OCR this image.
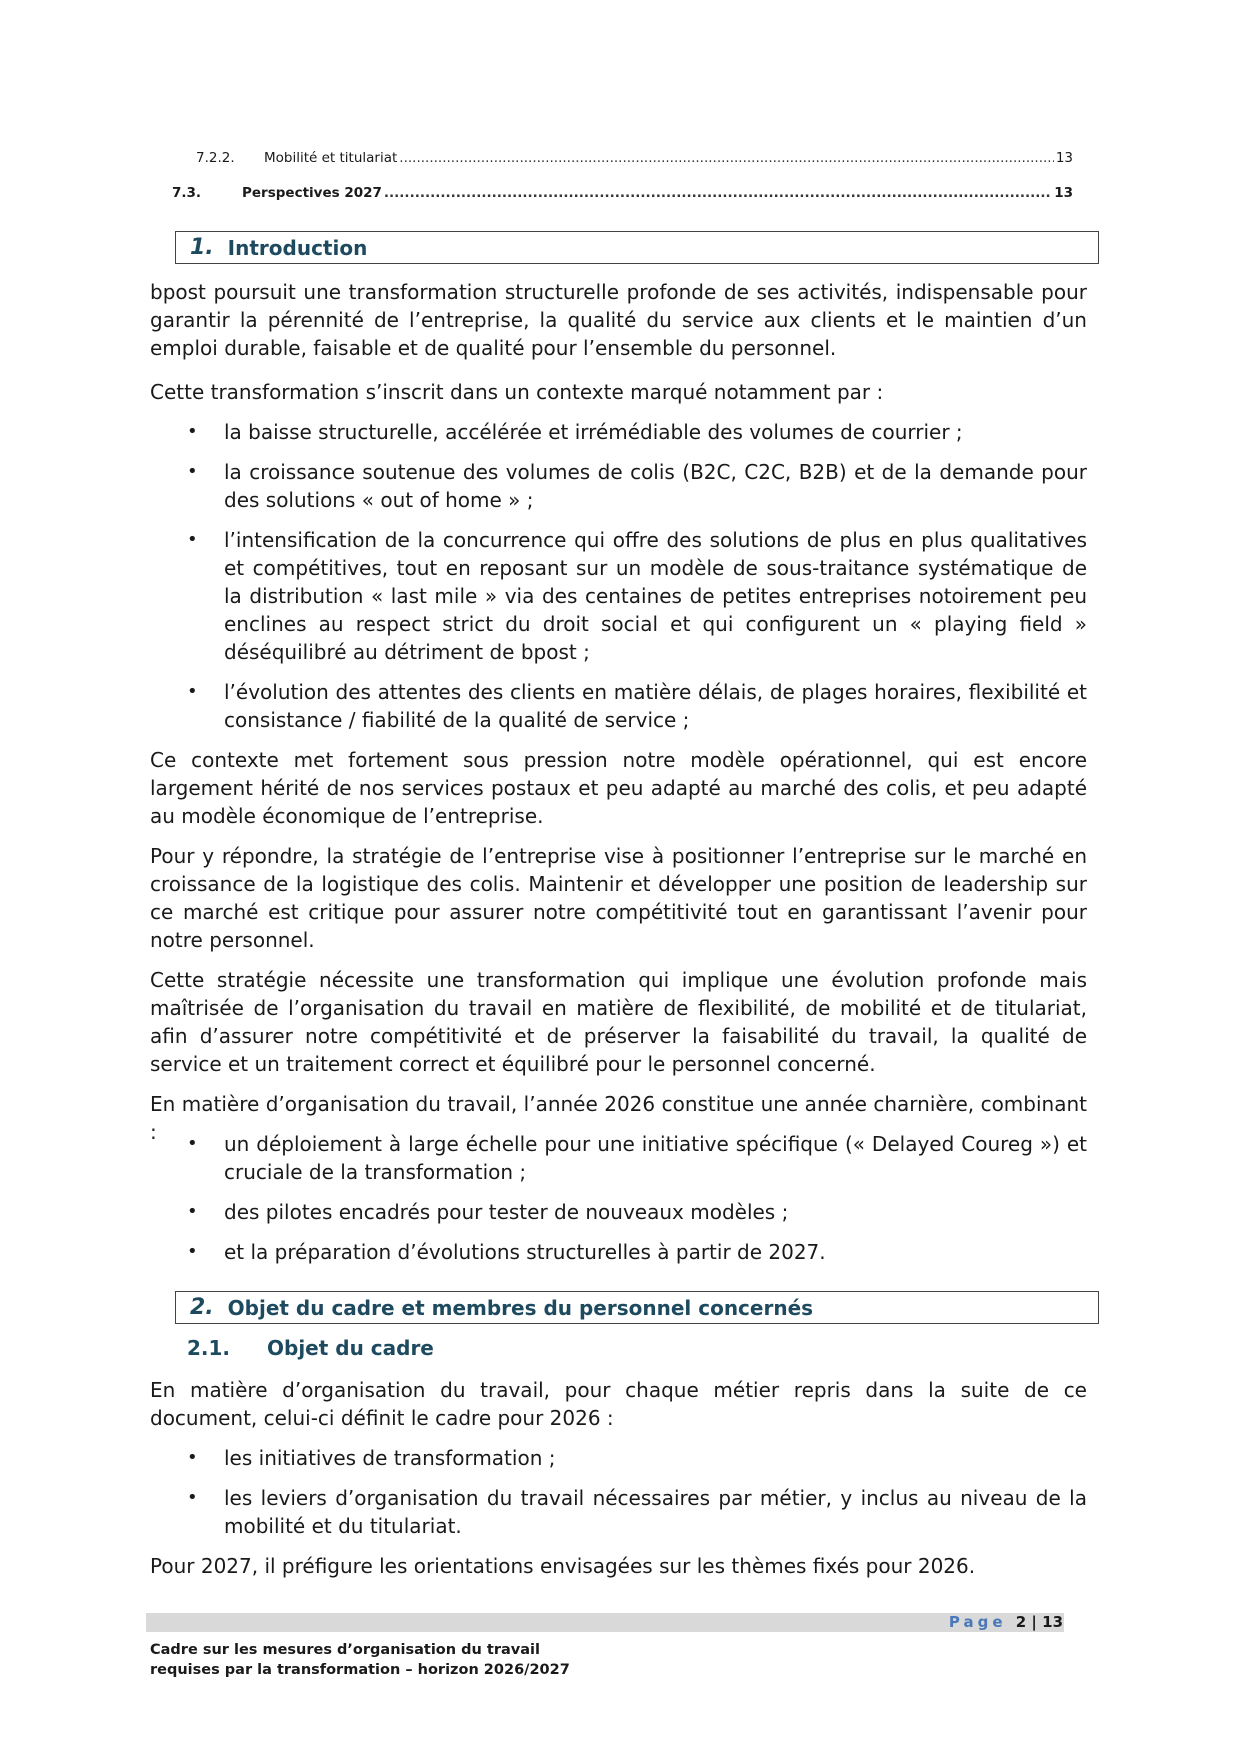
7.2.2.	Mobilité et titulariat .....	13
7.3.	Perspectives 2027 .....	13
1. Introduction

bpost poursuit une transformation structurelle profonde de ses activités, indispensable pour garantir la pérennité de l’entreprise, la qualité du service aux clients et le maintien d’un emploi durable, faisable et de qualité pour l’ensemble du personnel.

Cette transformation s’inscrit dans un contexte marqué notamment par :

• la baisse structurelle, accélérée et irrémédiable des volumes de courrier ;

• la croissance soutenue des volumes de colis (B2C, C2C, B2B) et de la demande pour des solutions « out of home » ;

• l’intensification de la concurrence qui offre des solutions de plus en plus qualitatives et compétitives, tout en reposant sur un modèle de sous-traitance systématique de la distribution « last mile » via des centaines de petites entreprises notoirement peu enclines au respect strict du droit social et qui configurent un « playing field » déséquilibré au détriment de bpost ;

• l’évolution des attentes des clients en matière délais, de plages horaires, flexibilité et consistance / fiabilité de la qualité de service ;

Ce contexte met fortement sous pression notre modèle opérationnel, qui est encore largement hérité de nos services postaux et peu adapté au marché des colis, et peu adapté au modèle économique de l’entreprise.

Pour y répondre, la stratégie de l’entreprise vise à positionner l’entreprise sur le marché en croissance de la logistique des colis. Maintenir et développer une position de leadership sur ce marché est critique pour assurer notre compétitivité tout en garantissant l’avenir pour notre personnel.

Cette stratégie nécessite une transformation qui implique une évolution profonde mais maîtrisée de l’organisation du travail en matière de flexibilité, de mobilité et de titulariat, afin d’assurer notre compétitivité et de préserver la faisabilité du travail, la qualité de service et un traitement correct et équilibré pour le personnel concerné.

En matière d’organisation du travail, l’année 2026 constitue une année charnière, combinant :	• un déploiement à large échelle pour une initiative spécifique (« Delayed Coureg ») et cruciale de la transformation ;

• des pilotes encadrés pour tester de nouveaux modèles ;

• et la préparation d’évolutions structurelles à partir de 2027.

2. Objet du cadre et membres du personnel concernés
2.1.	Objet du cadre

En matière d’organisation du travail, pour chaque métier repris dans la suite de ce document, celui-ci définit le cadre pour 2026 :

• les initiatives de transformation ;

• les leviers d’organisation du travail nécessaires par métier, y inclus au niveau de la mobilité et du titulariat.

Pour 2027, il préfigure les orientations envisagées sur les thèmes fixés pour 2026.

Page 2 | 13
Cadre sur les mesures d’organisation du travail
requises par la transformation – horizon 2026/2027
